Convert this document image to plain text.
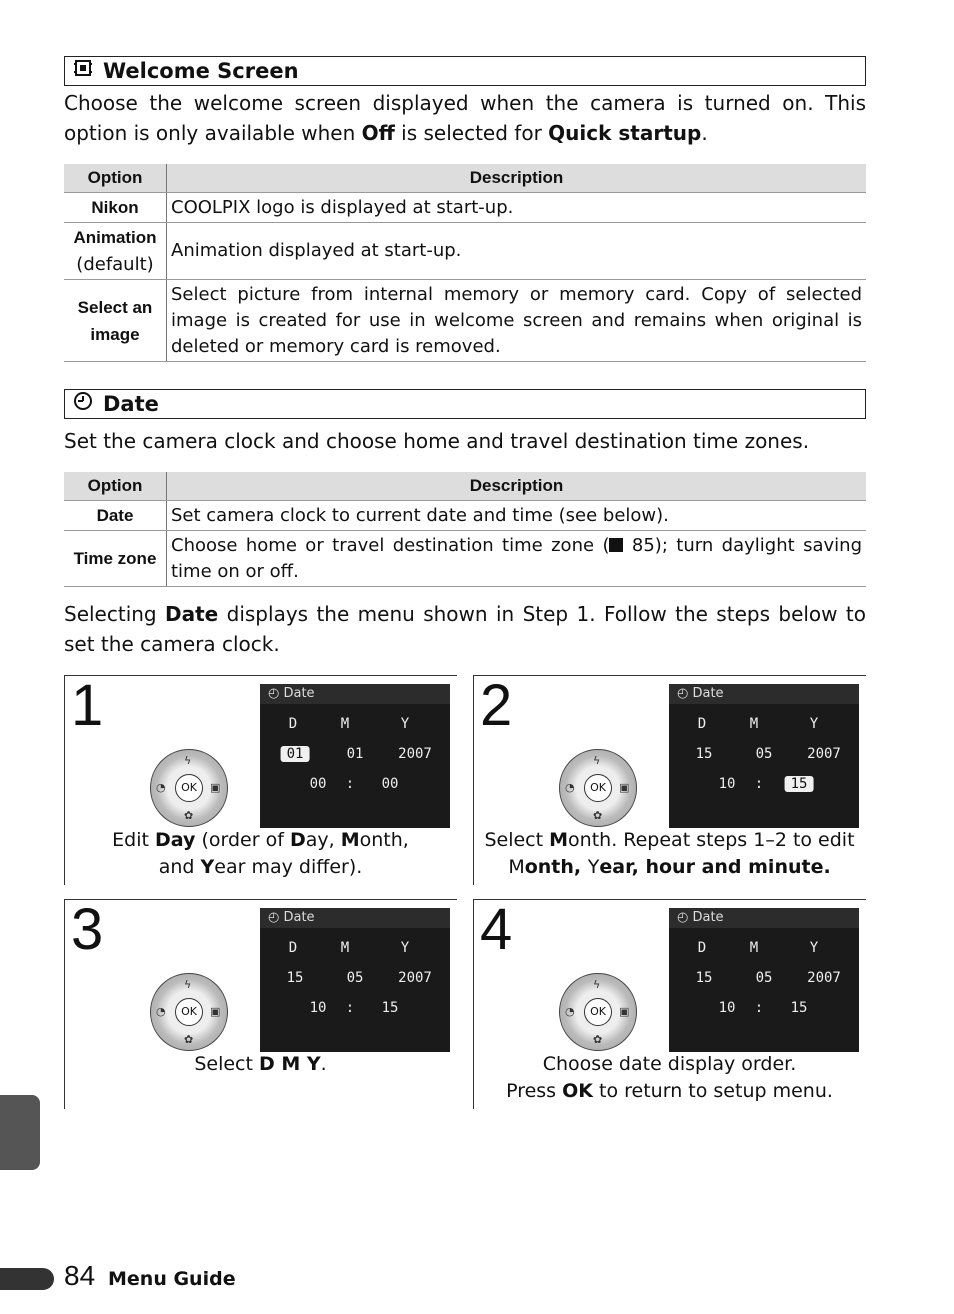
Welcome Screen
Choose the welcome screen displayed when the camera is turned on. This option is only available when Off is selected for Quick startup.
Option	Description
Nikon	COOLPIX logo is displayed at start-up.

Animation
(default)	Animation displayed at start-up.
Select an image	Select picture from internal memory or memory card. Copy of selected image is created for use in welcome screen and remains when original is deleted or memory card is removed.
Date
Set the camera clock and choose home and travel destination time zones.
Option	Description
Date	Set camera clock to current date and time (see below).
Time zone	Choose home or travel destination time zone ( 85); turn daylight saving time on or off.
Selecting Date displays the menu shown in Step 1. Follow the steps below to set the camera clock.
1	◴ Date
D	M	Y
01	01 2007
00 : 00
OK
ϟ
◔	▣
✿
Edit Day (order of Day, Month,
and Year may differ).
2	◴ Date
D	M	Y
15	05 2007
10 :	15
OK
ϟ
◔	▣
✿
Select Month. Repeat steps 1–2 to edit
Month, Year, hour and minute.
3	◴ Date
D	M	Y
15	05 2007
10 : 15
OK
ϟ
◔	▣
✿
Select D M Y.
4	◴ Date
D	M	Y
15	05 2007
10 : 15
OK
ϟ
◔	▣
✿
Choose date display order.
Press OK to return to setup menu.
84 Menu Guide
